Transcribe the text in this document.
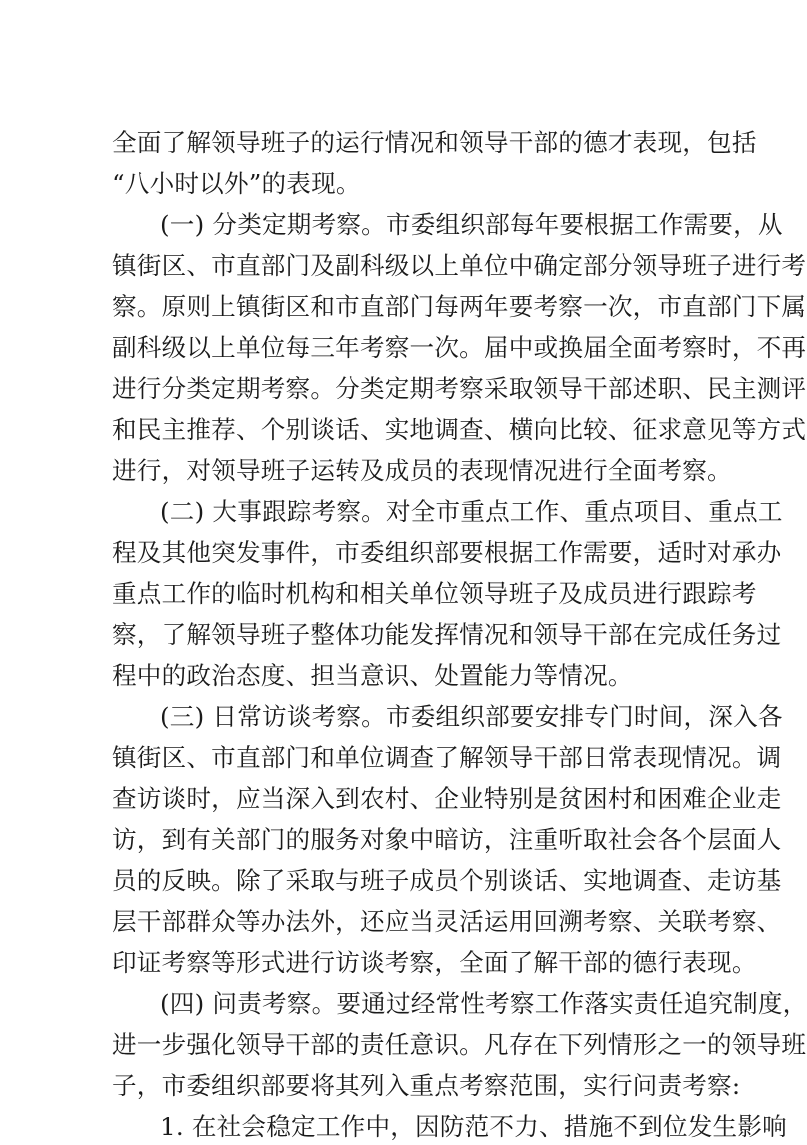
全面了解领导班子的运行情况和领导干部的德才表现，包括
“八小时以外”的表现。
(一) 分类定期考察。市委组织部每年要根据工作需要，从
镇街区、市直部门及副科级以上单位中确定部分领导班子进行考
察。原则上镇街区和市直部门每两年要考察一次，市直部门下属
副科级以上单位每三年考察一次。届中或换届全面考察时，不再
进行分类定期考察。分类定期考察采取领导干部述职、民主测评
和民主推荐、个别谈话、实地调查、横向比较、征求意见等方式
进行，对领导班子运转及成员的表现情况进行全面考察。
(二) 大事跟踪考察。对全市重点工作、重点项目、重点工
程及其他突发事件，市委组织部要根据工作需要，适时对承办
重点工作的临时机构和相关单位领导班子及成员进行跟踪考
察，了解领导班子整体功能发挥情况和领导干部在完成任务过
程中的政治态度、担当意识、处置能力等情况。
(三) 日常访谈考察。市委组织部要安排专门时间，深入各
镇街区、市直部门和单位调查了解领导干部日常表现情况。调
查访谈时，应当深入到农村、企业特别是贫困村和困难企业走
访，到有关部门的服务对象中暗访，注重听取社会各个层面人
员的反映。除了采取与班子成员个别谈话、实地调查、走访基
层干部群众等办法外，还应当灵活运用回溯考察、关联考察、
印证考察等形式进行访谈考察，全面了解干部的德行表现。
(四) 问责考察。要通过经常性考察工作落实责任追究制度，
进一步强化领导干部的责任意识。凡存在下列情形之一的领导班
子，市委组织部要将其列入重点考察范围，实行问责考察:
1. 在社会稳定工作中，因防范不力、措施不到位发生影响
